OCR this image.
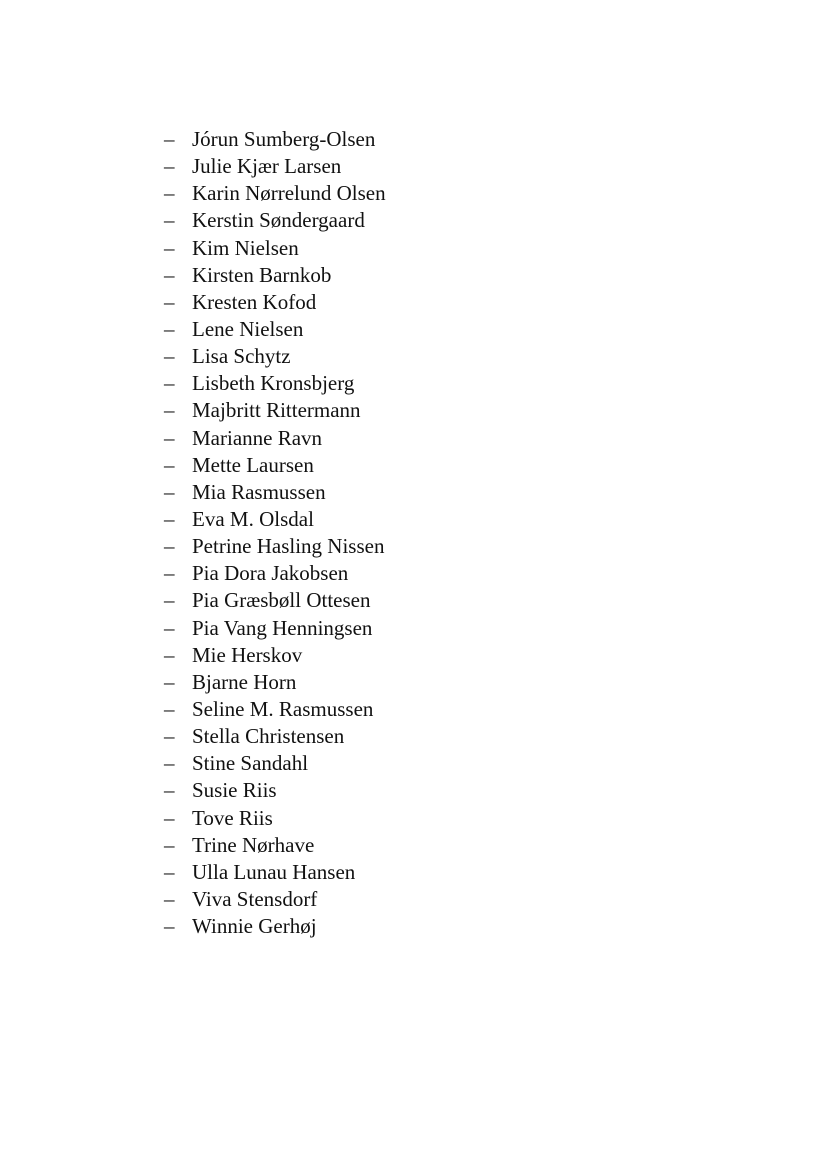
– Jórun Sumberg-Olsen
– Julie Kjær Larsen
– Karin Nørrelund Olsen
– Kerstin Søndergaard
– Kim Nielsen
– Kirsten Barnkob
– Kresten Kofod
– Lene Nielsen
– Lisa Schytz
– Lisbeth Kronsbjerg
– Majbritt Rittermann
– Marianne Ravn
– Mette Laursen
– Mia Rasmussen
– Eva M. Olsdal
– Petrine Hasling Nissen
– Pia Dora Jakobsen
– Pia Græsbøll Ottesen
– Pia Vang Henningsen
– Mie Herskov
– Bjarne Horn
– Seline M. Rasmussen
– Stella Christensen
– Stine Sandahl
– Susie Riis
– Tove Riis
– Trine Nørhave
– Ulla Lunau Hansen
– Viva Stensdorf
– Winnie Gerhøj
